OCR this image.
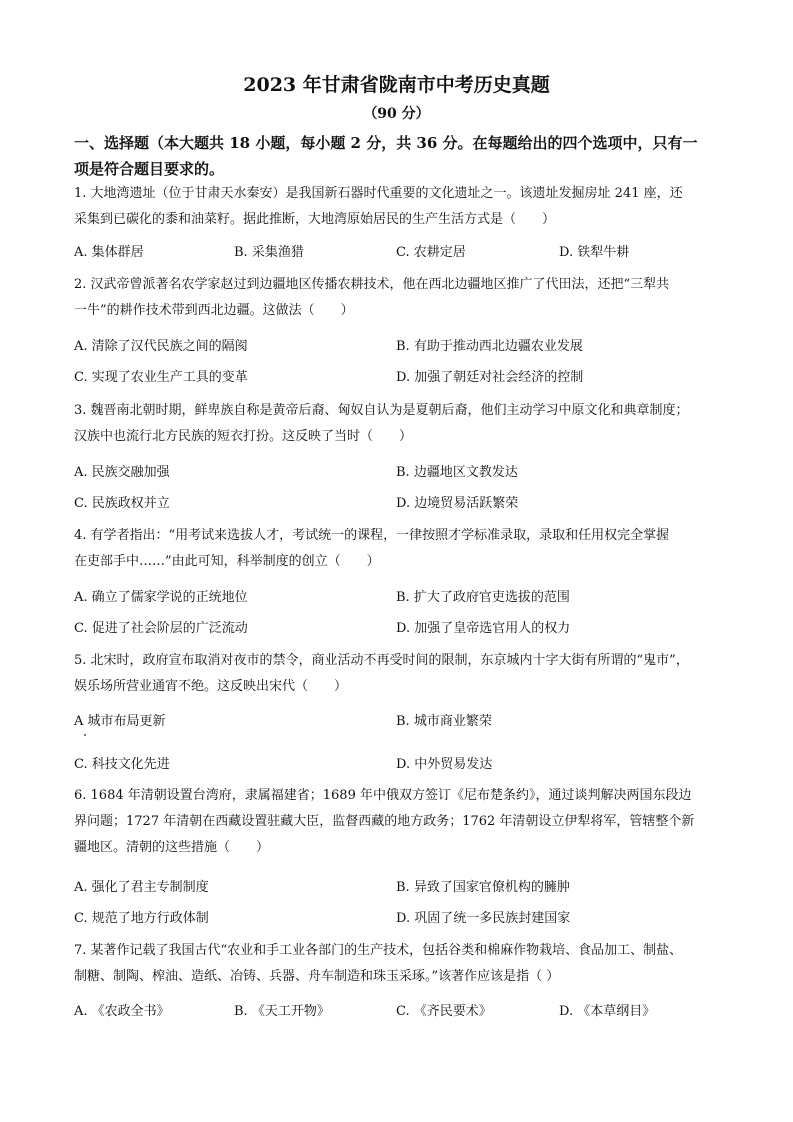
2023 年甘肃省陇南市中考历史真题
（90 分）
一、选择题（本大题共 18 小题，每小题 2 分，共 36 分。在每题给出的四个选项中，只有一
项是符合题目要求的。
1. 大地湾遗址（位于甘肃天水秦安）是我国新石器时代重要的文化遗址之一。该遗址发掘房址 241 座，还
采集到已碳化的黍和油菜籽。据此推断，大地湾原始居民的生产生活方式是（　　）
A. 集体群居	B. 采集渔猎	C. 农耕定居	D. 铁犁牛耕
2. 汉武帝曾派著名农学家赵过到边疆地区传播农耕技术，他在西北边疆地区推广了代田法，还把“三犁共
一牛”的耕作技术带到西北边疆。这做法（　　）
A. 清除了汉代民族之间的隔阂	B. 有助于推动西北边疆农业发展
C. 实现了农业生产工具的变革	D. 加强了朝廷对社会经济的控制
3. 魏晋南北朝时期，鲜卑族自称是黄帝后裔、匈奴自认为是夏朝后裔，他们主动学习中原文化和典章制度；
汉族中也流行北方民族的短衣打扮。这反映了当时（　　）
A. 民族交融加强	B. 边疆地区文教发达
C. 民族政权并立	D. 边境贸易活跃繁荣
4. 有学者指出：“用考试来选拔人才，考试统一的课程，一律按照才学标准录取，录取和任用权完全掌握
在吏部手中……”由此可知，科举制度的创立（　　）
A. 确立了儒家学说的正统地位	B. 扩大了政府官吏选拔的范围
C. 促进了社会阶层的广泛流动	D. 加强了皇帝选官用人的权力
5. 北宋时，政府宣布取消对夜市的禁令，商业活动不再受时间的限制，东京城内十字大街有所谓的“鬼市”，
娱乐场所营业通宵不绝。这反映出宋代（　　）
A 城市布局更新	B. 城市商业繁荣
C. 科技文化先进	D. 中外贸易发达
6. 1684 年清朝设置台湾府，隶属福建省；1689 年中俄双方签订《尼布楚条约》，通过谈判解决两国东段边
界问题；1727 年清朝在西藏设置驻藏大臣，监督西藏的地方政务；1762 年清朝设立伊犁将军，管辖整个新
疆地区。清朝的这些措施（　　）
A. 强化了君主专制制度	B. 异致了国家官僚机构的臃肿
C. 规范了地方行政体制	D. 巩固了统一多民族封建国家
7. 某著作记载了我国古代“农业和手工业各部门的生产技术，包括谷类和棉麻作物栽培、食品加工、制盐、
制糖、制陶、榨油、造纸、冶铸、兵器、舟车制造和珠玉采琢。”该著作应该是指（ ）
A. 《农政全书》	B. 《天工开物》	C. 《齐民要术》	D. 《本草纲目》
